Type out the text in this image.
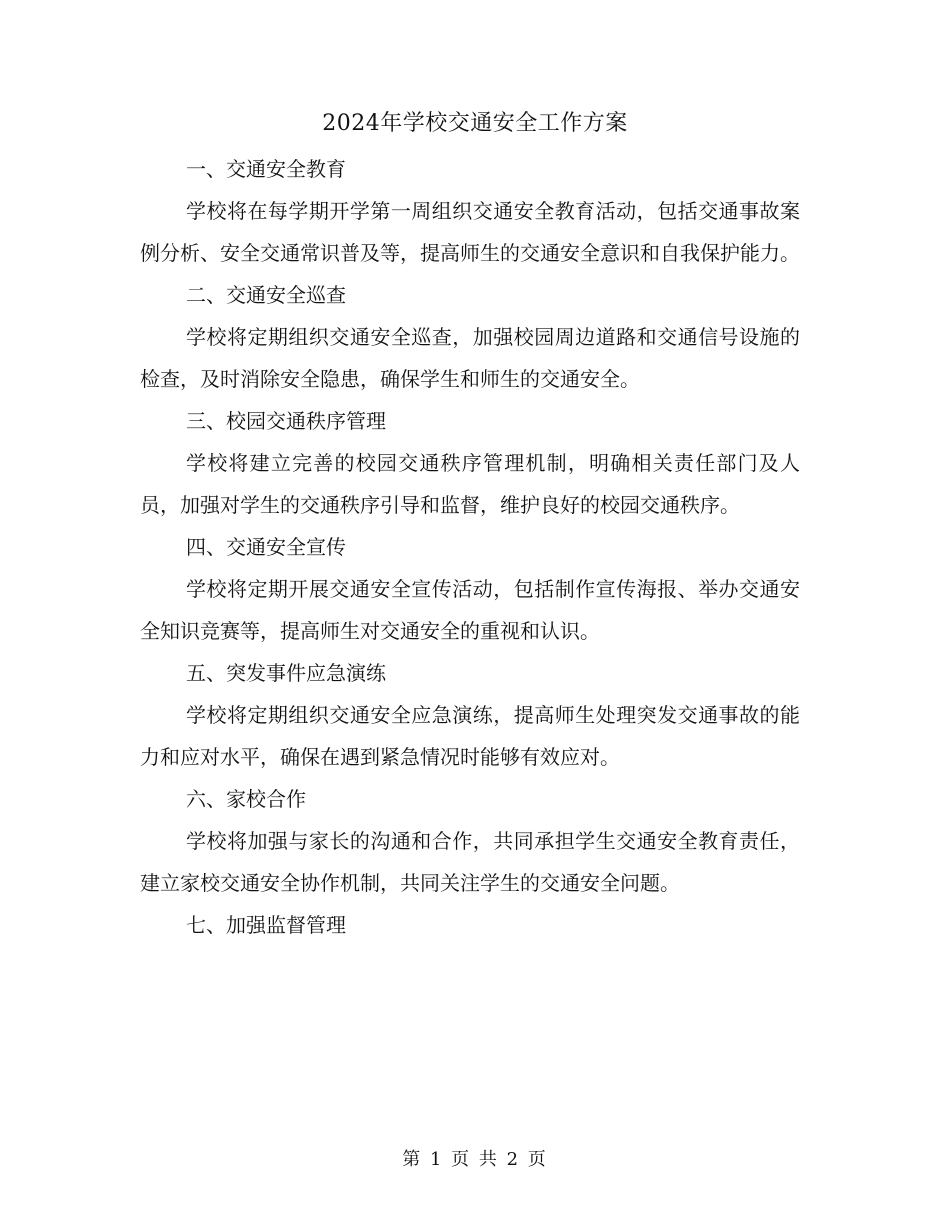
2024年学校交通安全工作方案

一、交通安全教育

学校将在每学期开学第一周组织交通安全教育活动，包括交通事故案例分析、安全交通常识普及等，提高师生的交通安全意识和自我保护能力。

二、交通安全巡查

学校将定期组织交通安全巡查，加强校园周边道路和交通信号设施的检查，及时消除安全隐患，确保学生和师生的交通安全。

三、校园交通秩序管理

学校将建立完善的校园交通秩序管理机制，明确相关责任部门及人员，加强对学生的交通秩序引导和监督，维护良好的校园交通秩序。

四、交通安全宣传

学校将定期开展交通安全宣传活动，包括制作宣传海报、举办交通安全知识竞赛等，提高师生对交通安全的重视和认识。

五、突发事件应急演练

学校将定期组织交通安全应急演练，提高师生处理突发交通事故的能力和应对水平，确保在遇到紧急情况时能够有效应对。

六、家校合作

学校将加强与家长的沟通和合作，共同承担学生交通安全教育责任，建立家校交通安全协作机制，共同关注学生的交通安全问题。

七、加强监督管理

第 1 页 共 2 页
